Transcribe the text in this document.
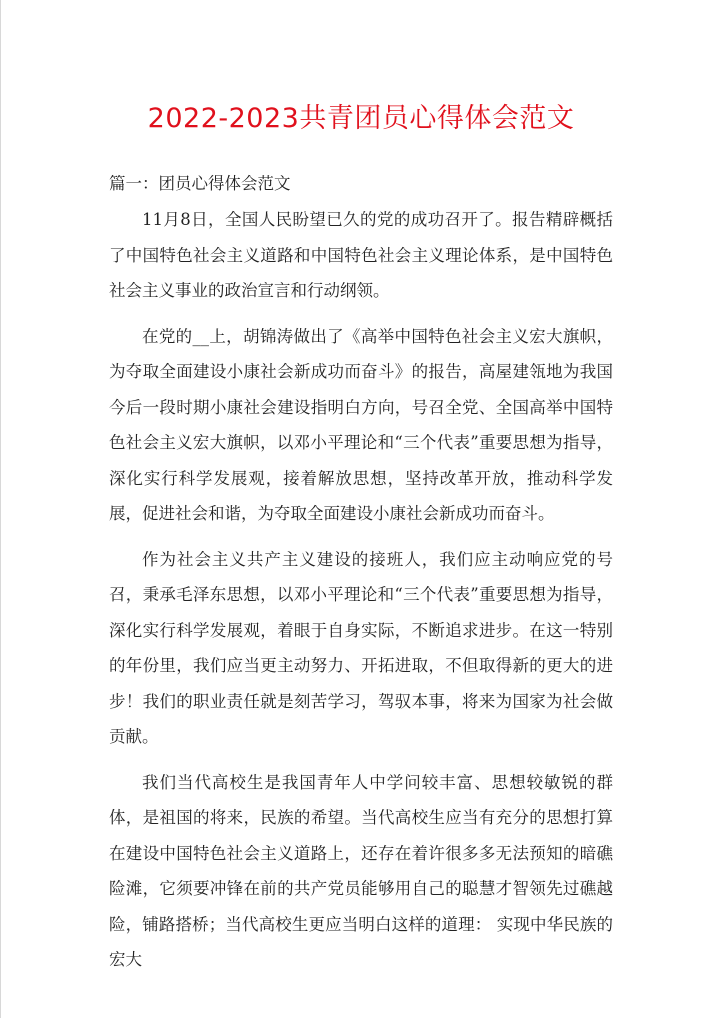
2022-2023共青团员心得体会范文
篇一：团员心得体会范文

11月8日，全国人民盼望已久的党的成功召开了。报告精辟概括了中国特色社会主义道路和中国特色社会主义理论体系，是中国特色社会主义事业的政治宣言和行动纲领。

在党的__上，胡锦涛做出了《高举中国特色社会主义宏大旗帜，为夺取全面建设小康社会新成功而奋斗》的报告，高屋建瓴地为我国今后一段时期小康社会建设指明白方向，号召全党、全国高举中国特色社会主义宏大旗帜，以邓小平理论和“三个代表”重要思想为指导，深化实行科学发展观，接着解放思想，坚持改革开放，推动科学发展，促进社会和谐，为夺取全面建设小康社会新成功而奋斗。

作为社会主义共产主义建设的接班人，我们应主动响应党的号召，秉承毛泽东思想，以邓小平理论和“三个代表”重要思想为指导，深化实行科学发展观，着眼于自身实际，不断追求进步。在这一特别的年份里，我们应当更主动努力、开拓进取，不但取得新的更大的进步！我们的职业责任就是刻苦学习，驾驭本事，将来为国家为社会做贡献。

我们当代高校生是我国青年人中学问较丰富、思想较敏锐的群体，是祖国的将来，民族的希望。当代高校生应当有充分的思想打算在建设中国特色社会主义道路上，还存在着许很多多无法预知的暗礁险滩，它须要冲锋在前的共产党员能够用自己的聪慧才智领先过礁越险，铺路搭桥；当代高校生更应当明白这样的道理： 实现中华民族的宏大
